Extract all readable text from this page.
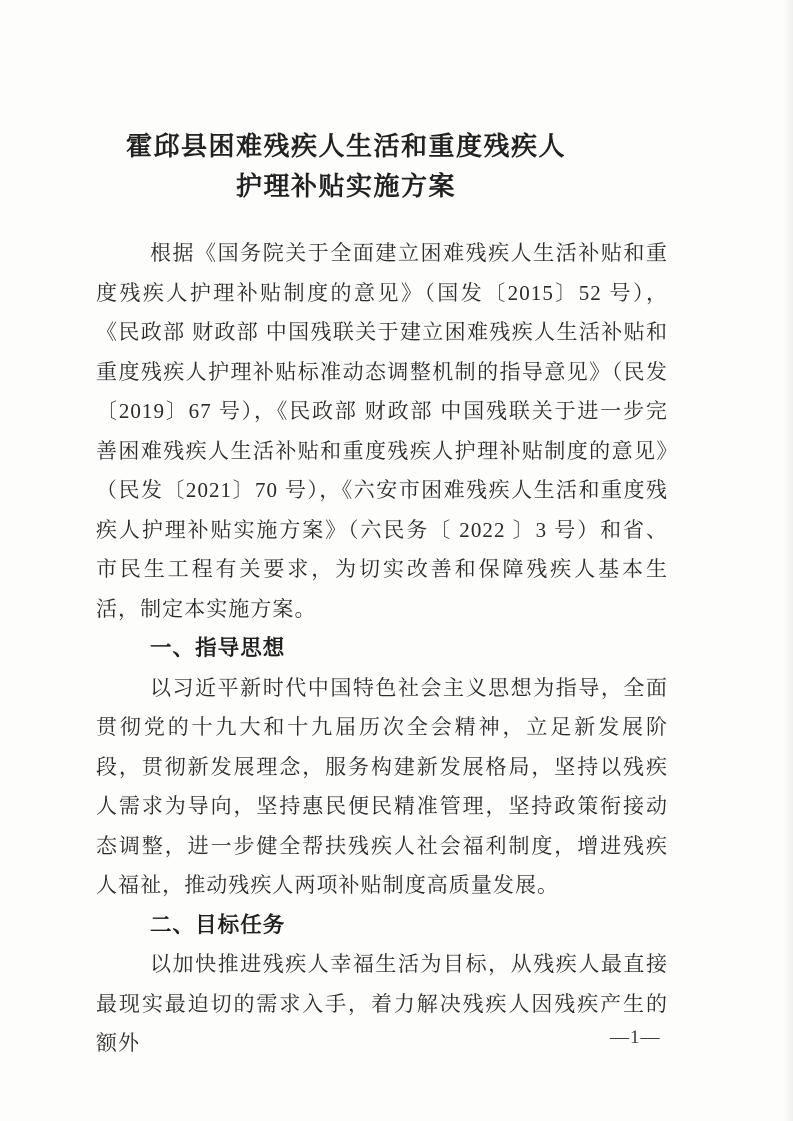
霍邱县困难残疾人生活和重度残疾人
护理补贴实施方案

根据《国务院关于全面建立困难残疾人生活补贴和重度残疾人护理补贴制度的意见》（国发〔2015〕52 号），《民政部 财政部 中国残联关于建立困难残疾人生活补贴和重度残疾人护理补贴标准动态调整机制的指导意见》（民发〔2019〕67 号），《民政部 财政部 中国残联关于进一步完善困难残疾人生活补贴和重度残疾人护理补贴制度的意见》（民发〔2021〕70 号），《六安市困难残疾人生活和重度残疾人护理补贴实施方案》（六民务〔 2022 〕3 号）和省、市民生工程有关要求，为切实改善和保障残疾人基本生活，制定本实施方案。

一、指导思想

以习近平新时代中国特色社会主义思想为指导，全面贯彻党的十九大和十九届历次全会精神，立足新发展阶段，贯彻新发展理念，服务构建新发展格局，坚持以残疾人需求为导向，坚持惠民便民精准管理，坚持政策衔接动态调整，进一步健全帮扶残疾人社会福利制度，增进残疾人福祉，推动残疾人两项补贴制度高质量发展。

二、目标任务

以加快推进残疾人幸福生活为目标，从残疾人最直接最现实最迫切的需求入手，着力解决残疾人因残疾产生的额外	—1—
